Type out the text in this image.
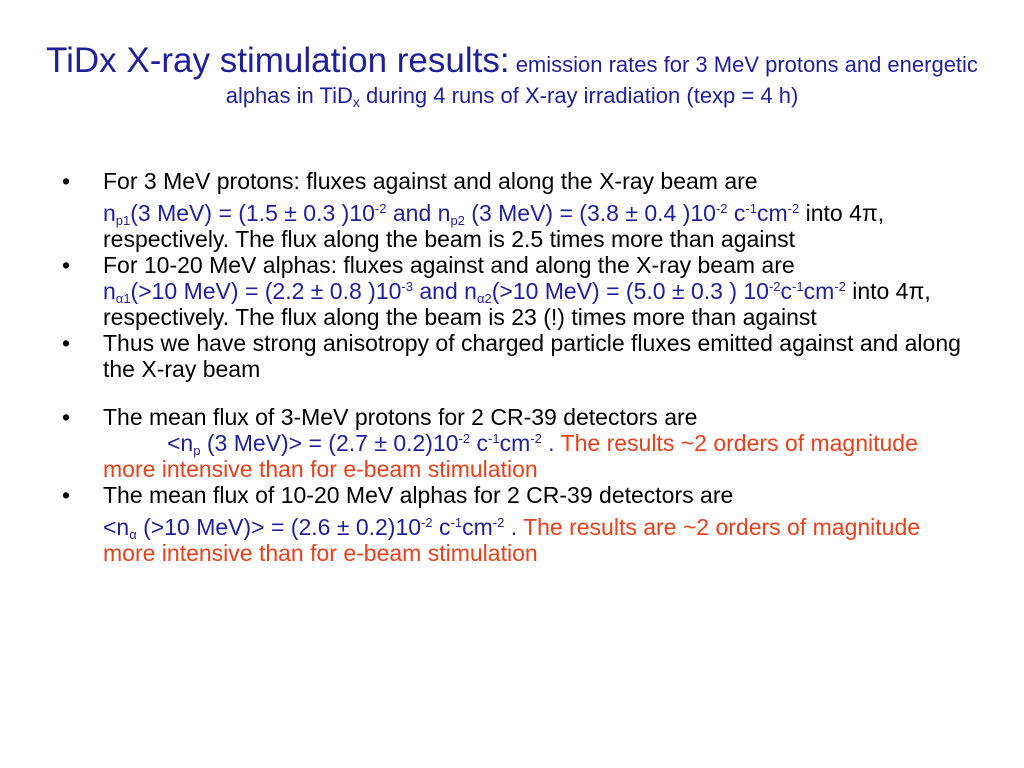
TiDx X-ray stimulation results: emission rates for 3 MeV protons and energetic alphas in TiD$_x$ during 4 runs of X-ray irradiation (texp = 4 h)
• For 3 MeV protons: fluxes against and along the X-ray beam are
$n_{p1}(3$ MeV) = (1.5 ± 0.3 )$10^{-2}$ and $n_{p2}$ (3 MeV) = (3.8 ± 0.4 )$10^{-2}$ $c^{-1}cm^{-2}$ into 4π, respectively. The flux along the beam is 2.5 times more than against
• For 10-20 MeV alphas: fluxes against and along the X-ray beam are
$n_{\alpha 1}(>10$ MeV) = (2.2 ± 0.8 )$10^{-3}$ and $n_{\alpha 2}(>10$ MeV) = (5.0 ± 0.3 ) $10^{-2}c^{-1}cm^{-2}$ into 4π, respectively. The flux along the beam is 23 (!) times more than against
• Thus we have strong anisotropy of charged particle fluxes emitted against and along the X-ray beam
• The mean flux of 3-MeV protons for 2 CR-39 detectors are
$<n_p$ (3 $MeV)> = (2.7 \pm 0.2)10^{-2}$ $c^{-1}cm^{-2}$ . The results ~2 orders of magnitude more intensive than for e-beam stimulation
• The mean flux of 10-20 MeV alphas for 2 CR-39 detectors are
$<n_\alpha$ (>10 $MeV)> = (2.6 \pm 0.2)10^{-2}$ $c^{-1}cm^{-2}$ . The results are ~2 orders of magnitude more intensive than for e-beam stimulation
